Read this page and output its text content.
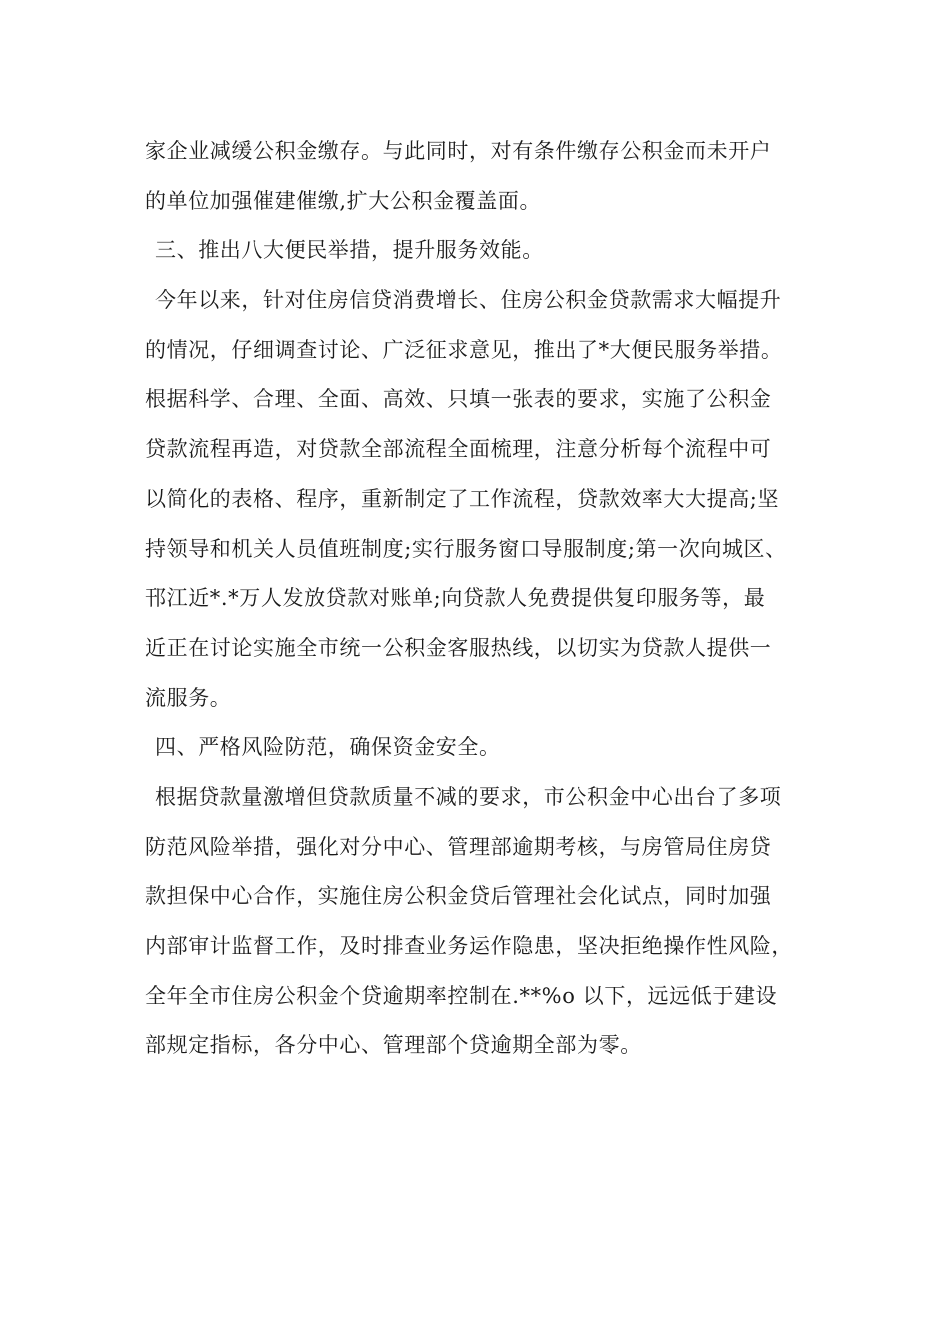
家企业减缓公积金缴存。与此同时，对有条件缴存公积金而未开户
的单位加强催建催缴,扩大公积金覆盖面。
三、推出八大便民举措，提升服务效能。
今年以来，针对住房信贷消费增长、住房公积金贷款需求大幅提升
的情况，仔细调查讨论、广泛征求意见，推出了*大便民服务举措。
根据科学、合理、全面、高效、只填一张表的要求，实施了公积金
贷款流程再造，对贷款全部流程全面梳理，注意分析每个流程中可
以简化的表格、程序，重新制定了工作流程，贷款效率大大提高;坚
持领导和机关人员值班制度;实行服务窗口导服制度;第一次向城区、
邗江近*.*万人发放贷款对账单;向贷款人免费提供复印服务等，最
近正在讨论实施全市统一公积金客服热线，以切实为贷款人提供一
流服务。
四、严格风险防范，确保资金安全。
根据贷款量激增但贷款质量不减的要求，市公积金中心出台了多项
防范风险举措，强化对分中心、管理部逾期考核，与房管局住房贷
款担保中心合作，实施住房公积金贷后管理社会化试点，同时加强
内部审计监督工作，及时排查业务运作隐患，坚决拒绝操作性风险，
全年全市住房公积金个贷逾期率控制在.**%o 以下，远远低于建设
部规定指标，各分中心、管理部个贷逾期全部为零。
